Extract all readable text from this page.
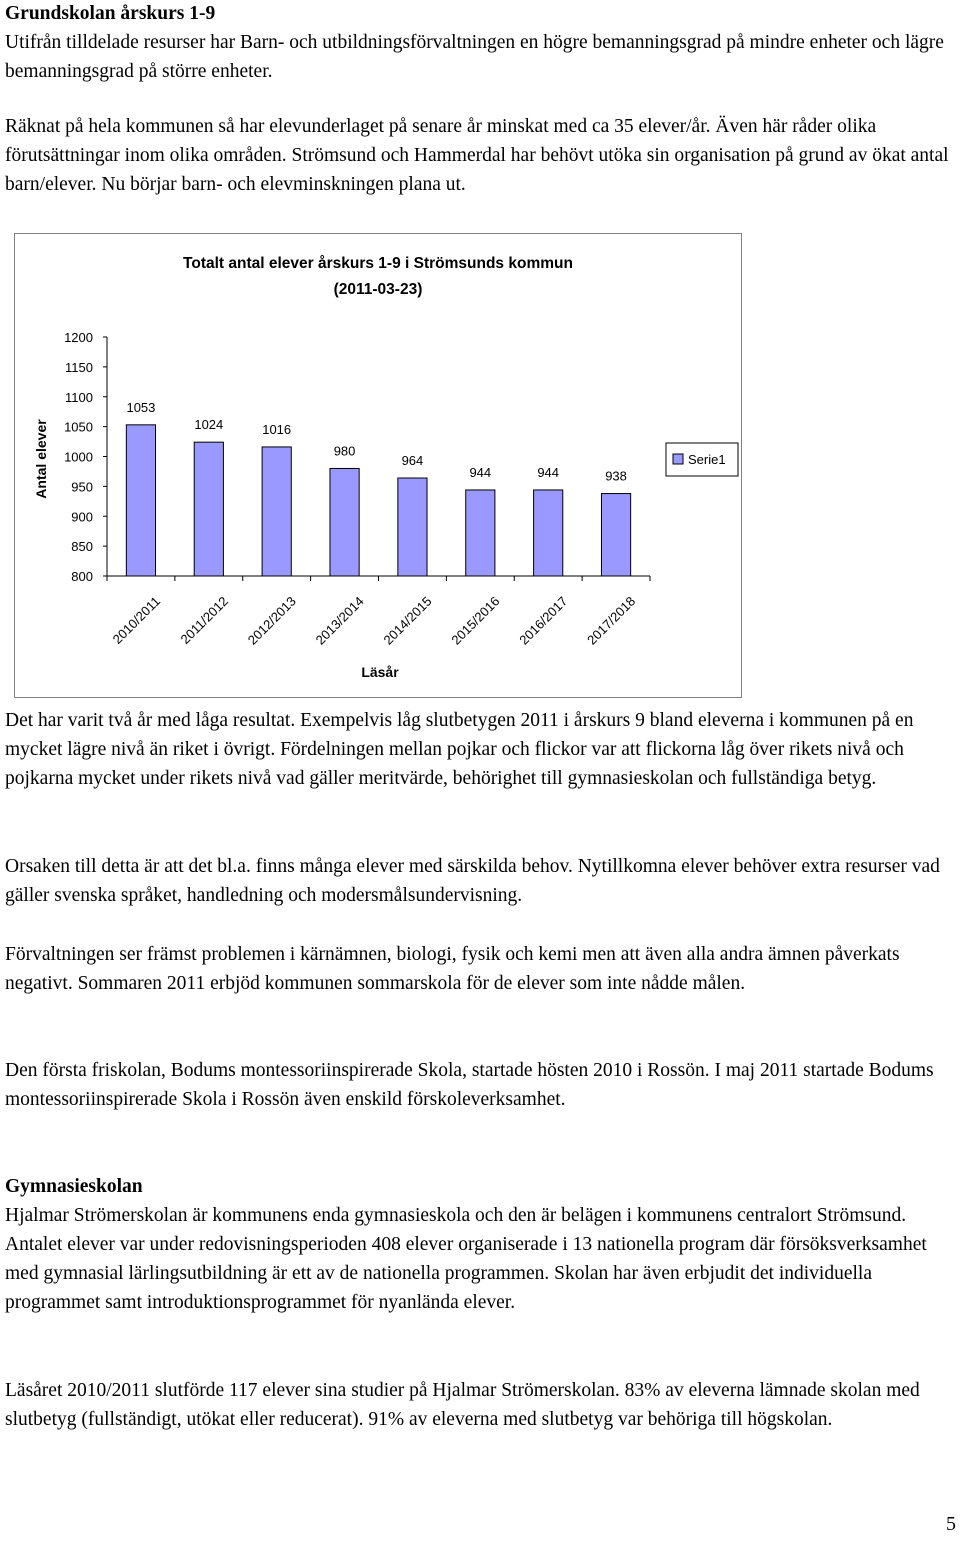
Grundskolan årskurs 1-9

Utifrån tilldelade resurser har Barn- och utbildningsförvaltningen en högre bemanningsgrad på mindre enheter och lägre bemanningsgrad på större enheter.

Räknat på hela kommunen så har elevunderlaget på senare år minskat med ca 35 elever/år. Även här råder olika förutsättningar inom olika områden. Strömsund och Hammerdal har behövt utöka sin organisation på grund av ökat antal barn/elever. Nu börjar barn- och elevminskningen plana ut.

Totalt antal elever årskurs 1-9 i Strömsunds kommun
(2011-03-23)
Antal elever
Läsår
800
850
900
950
1000
1050
1100
1150
1200
1053
2010/2011
1024
2011/2012
1016
2012/2013
980
2013/2014
964
2014/2015
944
2015/2016
944
2016/2017
938
2017/2018
Serie1

Det har varit två år med låga resultat. Exempelvis låg slutbetygen 2011 i årskurs 9 bland eleverna i kommunen på en mycket lägre nivå än riket i övrigt. Fördelningen mellan pojkar och flickor var att flickorna låg över rikets nivå och pojkarna mycket under rikets nivå vad gäller meritvärde, behörighet till gymnasieskolan och fullständiga betyg.

Orsaken till detta är att det bl.a. finns många elever med särskilda behov. Nytillkomna elever behöver extra resurser vad gäller svenska språket, handledning och modersmålsundervisning.

Förvaltningen ser främst problemen i kärnämnen, biologi, fysik och kemi men att även alla andra ämnen påverkats negativt. Sommaren 2011 erbjöd kommunen sommarskola för de elever som inte nådde målen.

Den första friskolan, Bodums montessoriinspirerade Skola, startade hösten 2010 i Rossön. I maj 2011 startade Bodums montessoriinspirerade Skola i Rossön även enskild förskoleverksamhet.

Gymnasieskolan

Hjalmar Strömerskolan är kommunens enda gymnasieskola och den är belägen i kommunens centralort Strömsund. Antalet elever var under redovisningsperioden 408 elever organiserade i 13 nationella program där försöksverksamhet med gymnasial lärlingsutbildning är ett av de nationella programmen. Skolan har även erbjudit det individuella programmet samt introduktionsprogrammet för nyanlända elever.

Läsåret 2010/2011 slutförde 117 elever sina studier på Hjalmar Strömerskolan. 83% av eleverna lämnade skolan med slutbetyg (fullständigt, utökat eller reducerat). 91% av eleverna med slutbetyg var behöriga till högskolan.

5
